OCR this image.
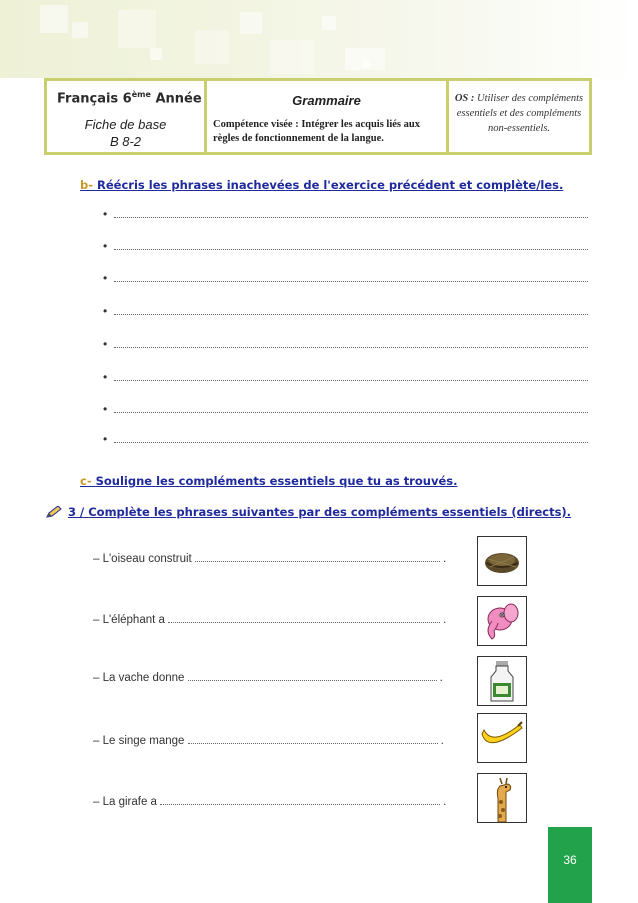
Français 6ème Année
Fiche de base
B 8-2
Grammaire
Compétence visée : Intégrer les acquis liés aux règles de fonctionnement de la langue.
OS : Utiliser des compléments essentiels et des compléments non-essentiels.
b- Réécris les phrases inachevées de l'exercice précédent et complète/les.
•
•
•
•
•
•
•
•
c- Souligne les compléments essentiels que tu as trouvés.
3 / Complète les phrases suivantes par des compléments essentiels (directs).
– L'oiseau construit	.
– L'éléphant a	.
– La vache donne	.
– Le singe mange	.
– La girafe a	.
36
